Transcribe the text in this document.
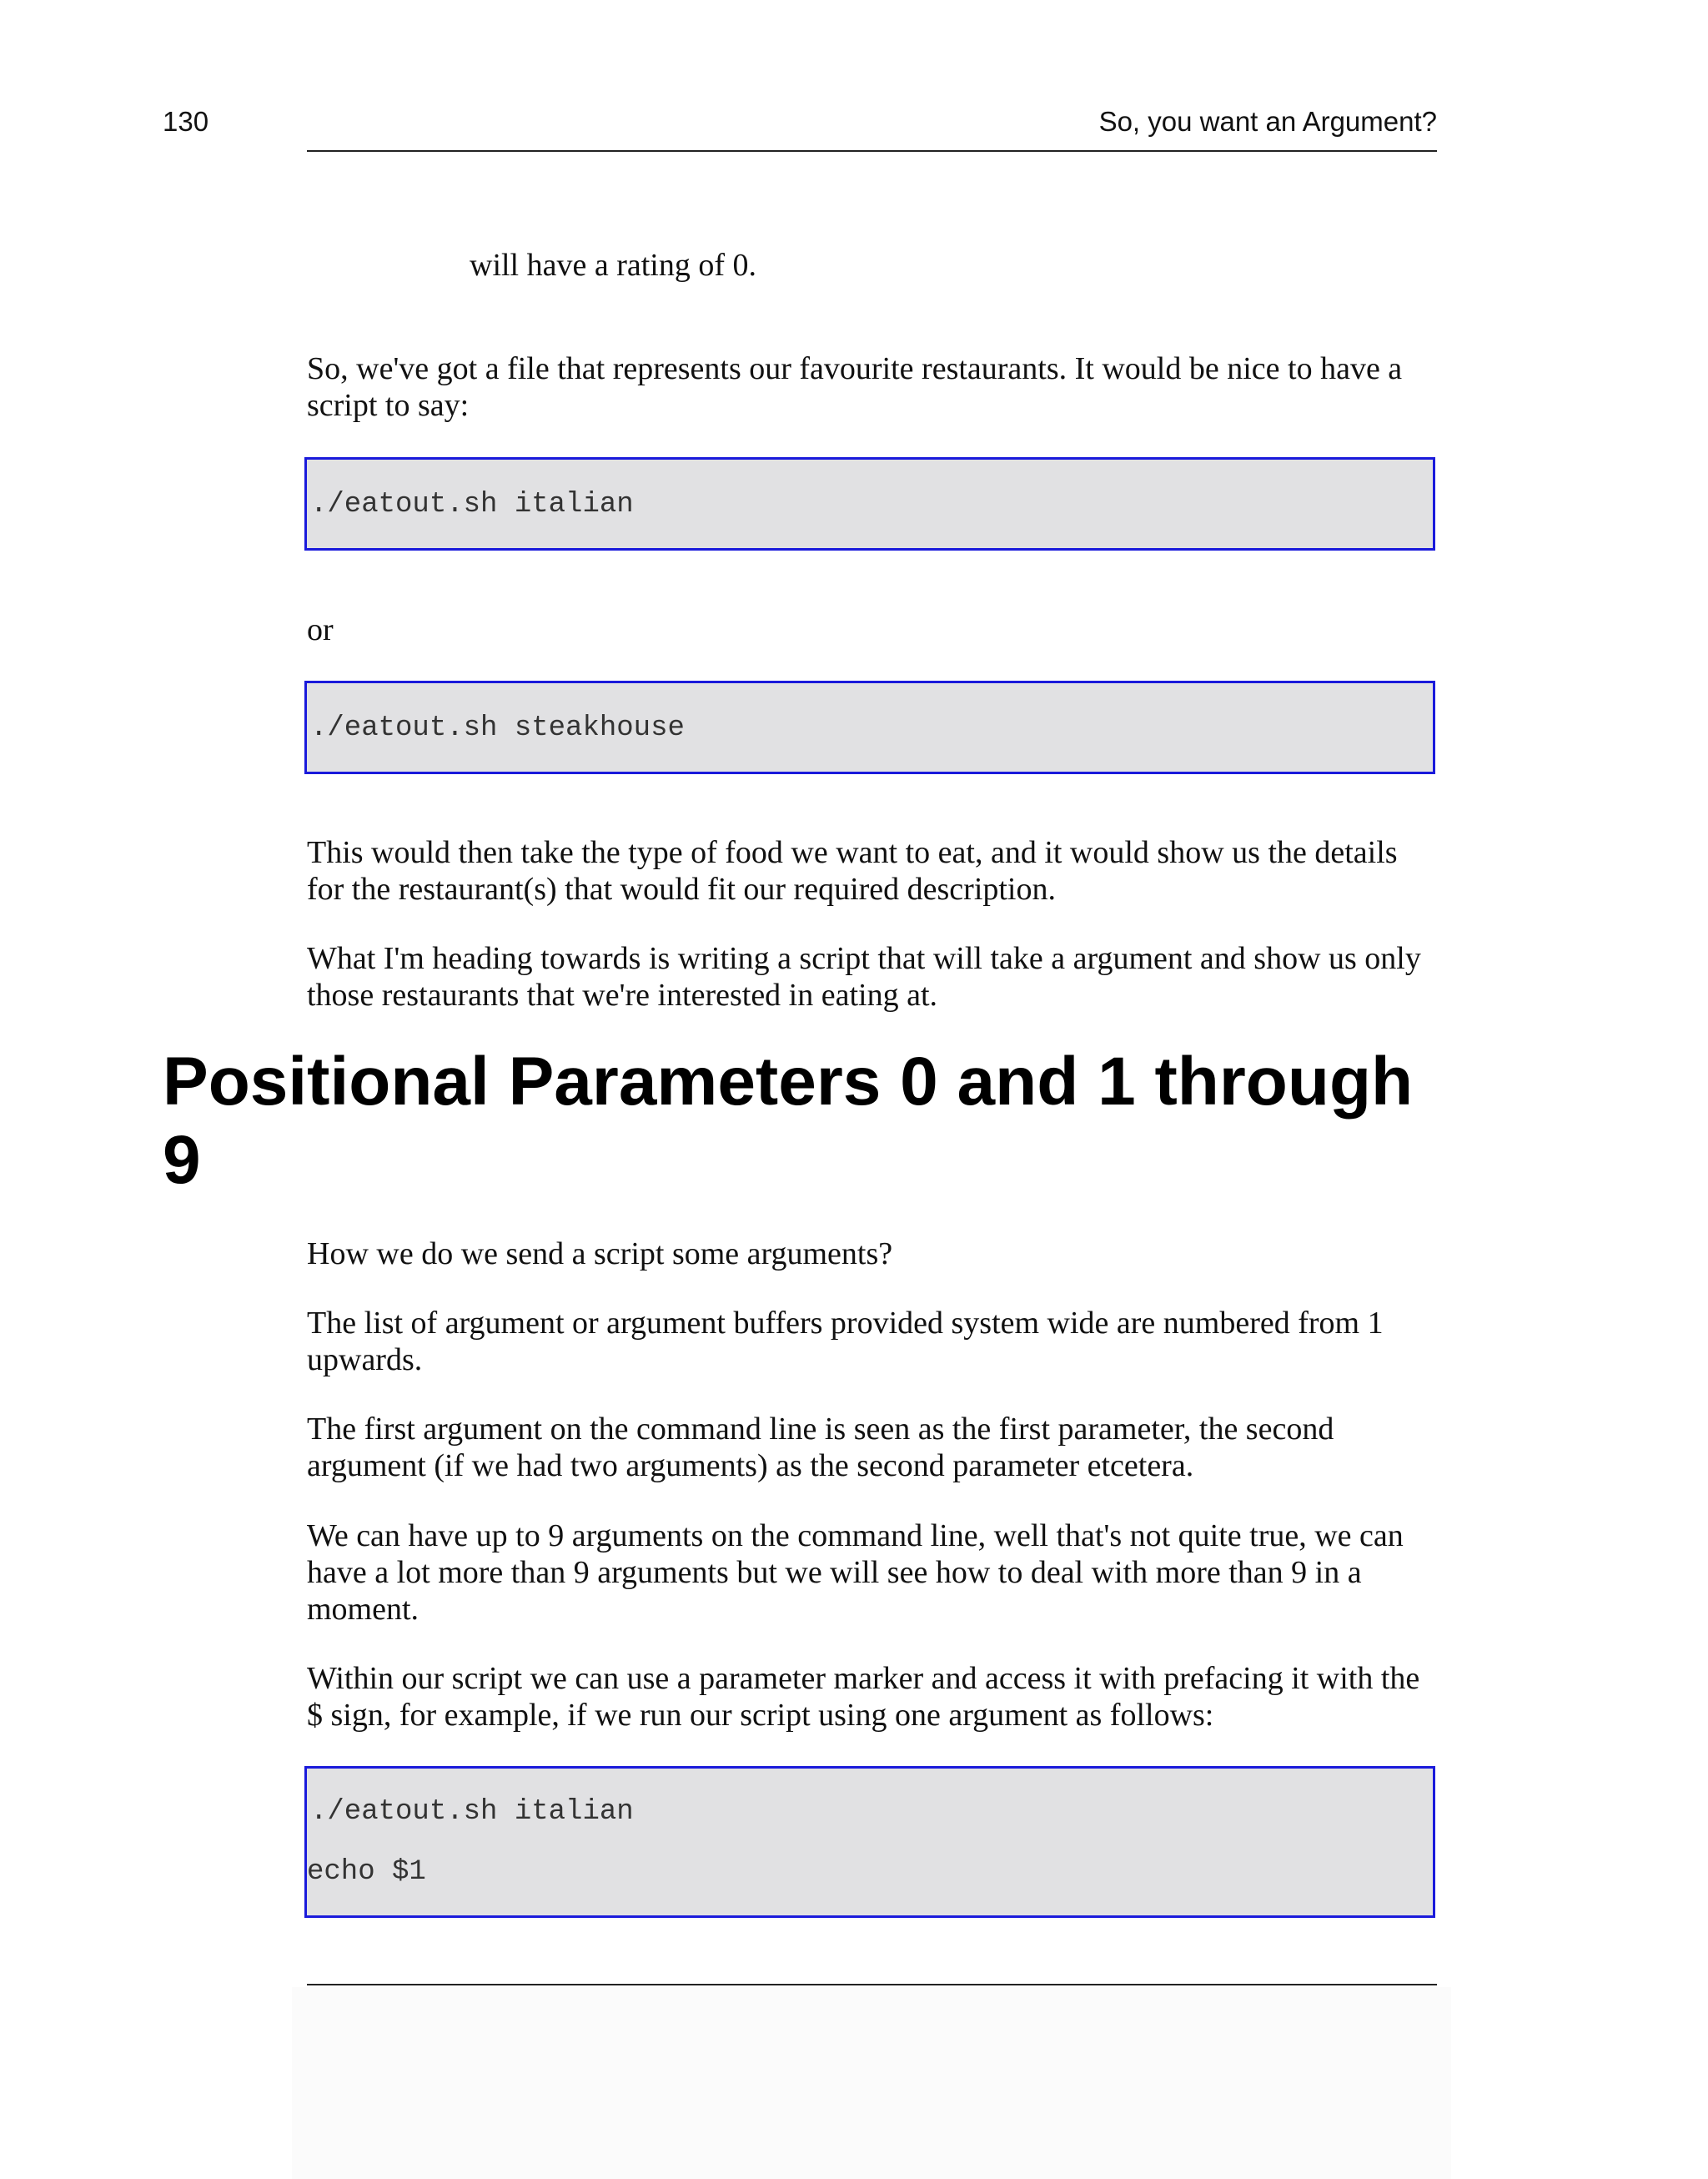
130	So, you want an Argument?

will have a rating of 0.

So, we've got a file that represents our favourite restaurants. It would be nice to have a script to say:

./eatout.sh italian

or

./eatout.sh steakhouse

This would then take the type of food we want to eat, and it would show us the details for the restaurant(s) that would fit our required description.

What I'm heading towards is writing a script that will take a argument and show us only those restaurants that we're interested in eating at.

Positional Parameters 0 and 1 through 9

How we do we send a script some arguments?

The list of argument or argument buffers provided system wide are numbered from 1 upwards.

The first argument on the command line is seen as the first parameter, the second argument (if we had two arguments) as the second parameter etcetera.

We can have up to 9 arguments on the command line, well that's not quite true, we can have a lot more than 9 arguments but we will see how to deal with more than 9 in a moment.

Within our script we can use a parameter marker and access it with prefacing it with the $ sign, for example, if we run our script using one argument as follows:

./eatout.sh italian
echo $1
